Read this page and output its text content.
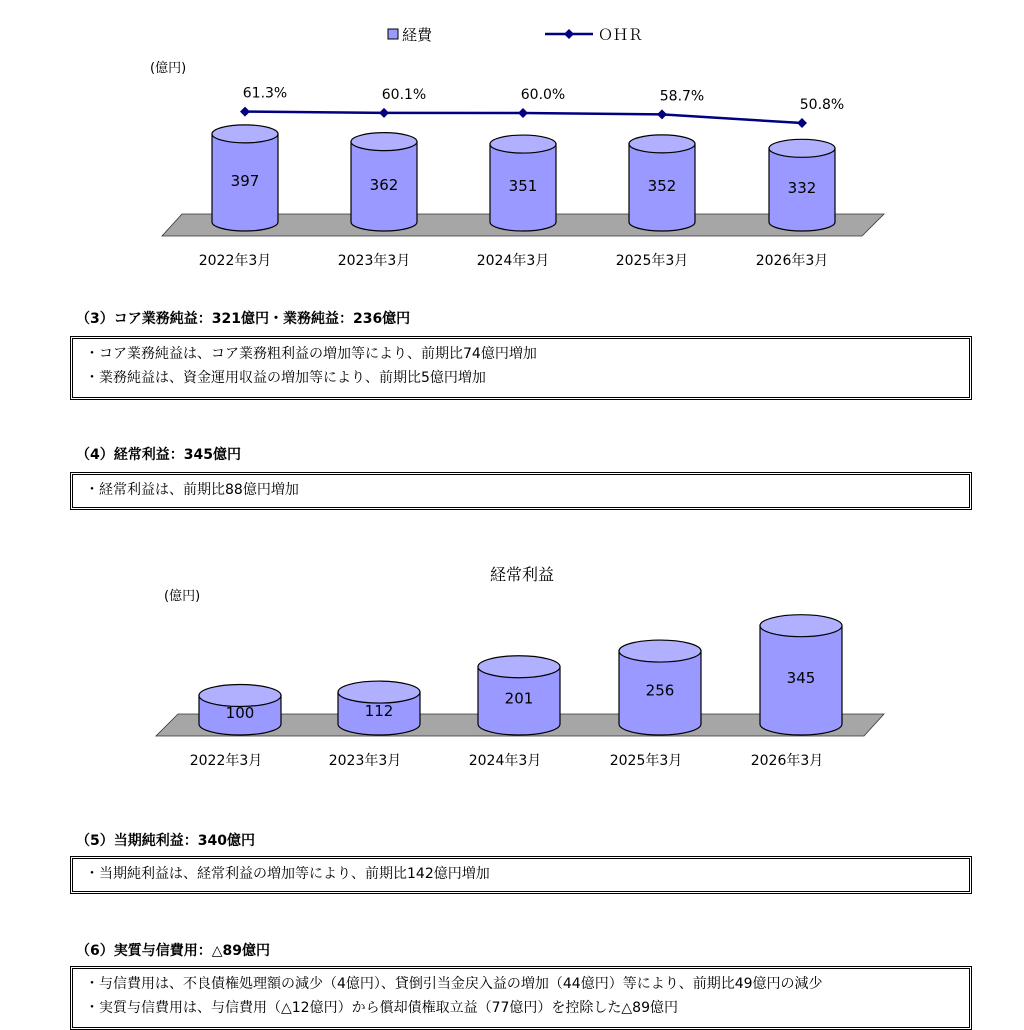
経費	ＯＨＲ
(億円)
397	362	351	352	332
61.3%	60.1%	60.0%	58.7%
50.8%
2022年3月	2023年3月	2024年3月	2025年3月	2026年3月
（3）コア業務純益：321億円・業務純益：236億円
・コア業務純益は、コア業務粗利益の増加等により、前期比74億円増加
・業務純益は、資金運用収益の増加等により、前期比5億円増加
（4）経常利益：345億円
・経常利益は、前期比88億円増加
経常利益
(億円)
100	112
201	256
345
2022年3月	2023年3月	2024年3月	2025年3月	2026年3月
（5）当期純利益：340億円
・当期純利益は、経常利益の増加等により、前期比142億円増加
（6）実質与信費用：△89億円
・与信費用は、不良債権処理額の減少（4億円）、貸倒引当金戻入益の増加（44億円）等により、前期比49億円の減少
・実質与信費用は、与信費用（△12億円）から償却債権取立益（77億円）を控除した△89億円
